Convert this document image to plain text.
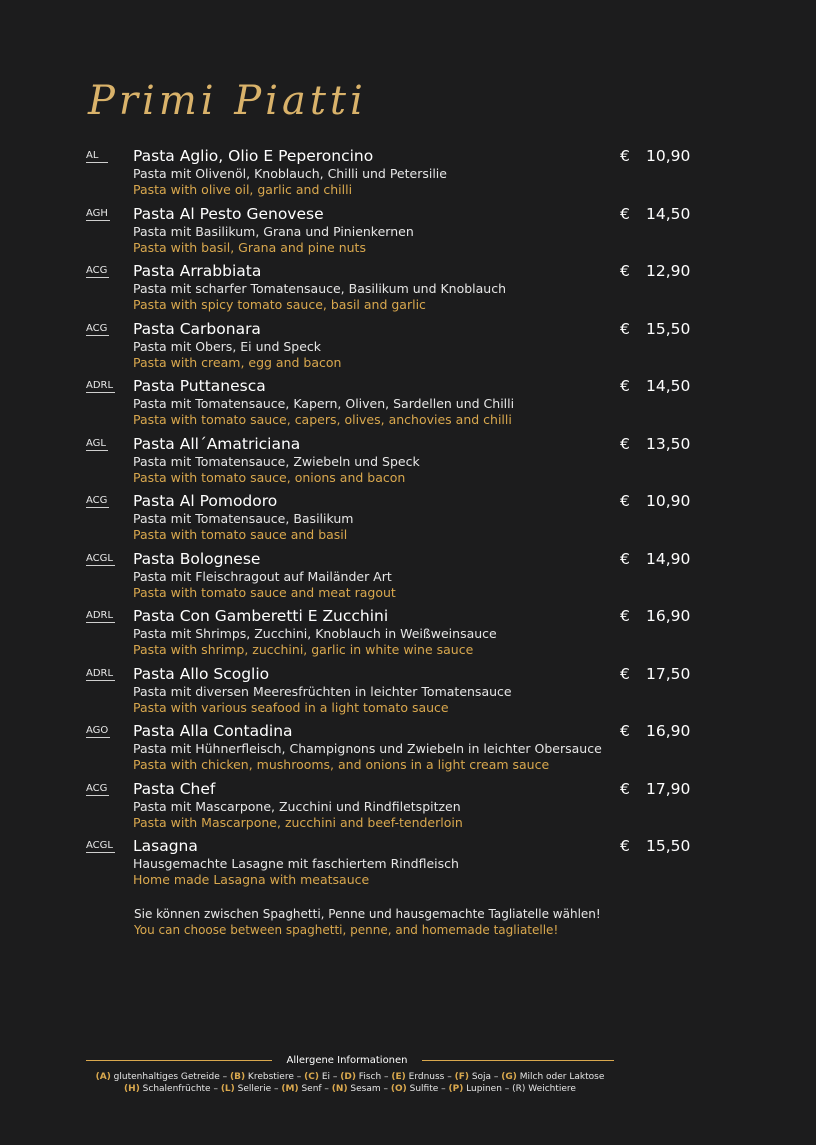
Primi Piatti
AL	Pasta Aglio, Olio E Peperoncino
Pasta mit Olivenöl, Knoblauch, Chilli und Petersilie
Pasta with olive oil, garlic and chilli
€ 10,90
AGH Pasta Al Pesto Genovese
Pasta mit Basilikum, Grana und Pinienkernen
Pasta with basil, Grana and pine nuts
€ 14,50
ACG Pasta Arrabbiata
Pasta mit scharfer Tomatensauce, Basilikum und Knoblauch
Pasta with spicy tomato sauce, basil and garlic
€ 12,90
ACG Pasta Carbonara
Pasta mit Obers, Ei und Speck
Pasta with cream, egg and bacon
€ 15,50
ADRL Pasta Puttanesca
Pasta mit Tomatensauce, Kapern, Oliven, Sardellen und Chilli
Pasta with tomato sauce, capers, olives, anchovies and chilli
€ 14,50
AGL Pasta All´Amatriciana
Pasta mit Tomatensauce, Zwiebeln und Speck
Pasta with tomato sauce, onions and bacon
€ 13,50
ACG Pasta Al Pomodoro
Pasta mit Tomatensauce, Basilikum
Pasta with tomato sauce and basil
€ 10,90
ACGL Pasta Bolognese
Pasta mit Fleischragout auf Mailänder Art
Pasta with tomato sauce and meat ragout
€ 14,90
ADRL Pasta Con Gamberetti E Zucchini
Pasta mit Shrimps, Zucchini, Knoblauch in Weißweinsauce
Pasta with shrimp, zucchini, garlic in white wine sauce
€ 16,90
ADRL Pasta Allo Scoglio
Pasta mit diversen Meeresfrüchten in leichter Tomatensauce
Pasta with various seafood in a light tomato sauce
€ 17,50
AGO Pasta Alla Contadina
Pasta mit Hühnerfleisch, Champignons und Zwiebeln in leichter Obersauce
Pasta with chicken, mushrooms, and onions in a light cream sauce
€ 16,90
ACG Pasta Chef
Pasta mit Mascarpone, Zucchini und Rindfiletspitzen
Pasta with Mascarpone, zucchini and beef-tenderloin
€ 17,90
ACGL Lasagna
Hausgemachte Lasagne mit faschiertem Rindfleisch
Home made Lasagna with meatsauce
€ 15,50
Sie können zwischen Spaghetti, Penne und hausgemachte Tagliatelle wählen!
You can choose between spaghetti, penne, and homemade tagliatelle!
Allergene Informationen
(A) glutenhaltiges Getreide – (B) Krebstiere – (C) Ei – (D) Fisch – (E) Erdnuss – (F) Soja – (G) Milch oder Laktose
(H) Schalenfrüchte – (L) Sellerie – (M) Senf – (N) Sesam – (O) Sulfite – (P) Lupinen – (R) Weichtiere
